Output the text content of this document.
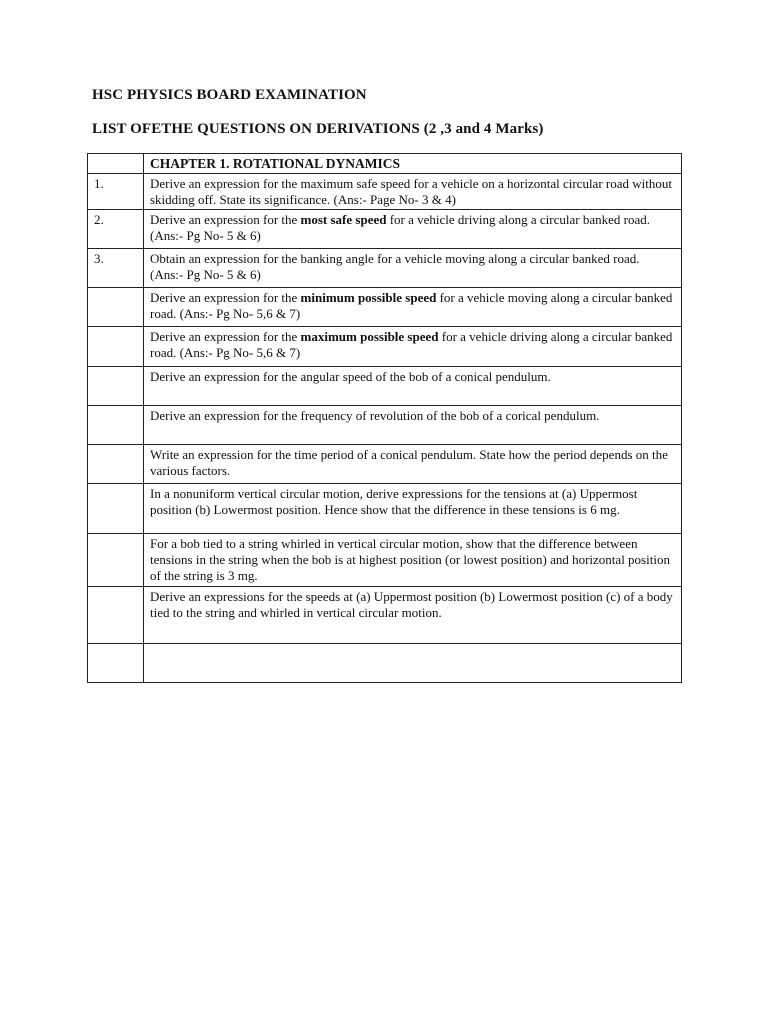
HSC PHYSICS BOARD EXAMINATION
LIST OFETHE QUESTIONS ON DERIVATIONS (2 ,3 and 4 Marks)
	CHAPTER 1. ROTATIONAL DYNAMICS
1.	Derive an expression for the maximum safe speed for a vehicle on a horizontal circular road without skidding off. State its significance. (Ans:- Page No- 3 & 4)
2.	Derive an expression for the most safe speed for a vehicle driving along a circular banked road. (Ans:- Pg No- 5 & 6)
3.	Obtain an expression for the banking angle for a vehicle moving along a circular banked road. (Ans:- Pg No- 5 & 6)
	Derive an expression for the minimum possible speed for a vehicle moving along a circular banked road. (Ans:- Pg No- 5,6 & 7)
	Derive an expression for the maximum possible speed for a vehicle driving along a circular banked road. (Ans:- Pg No- 5,6 & 7)
	Derive an expression for the angular speed of the bob of a conical pendulum.
	Derive an expression for the frequency of revolution of the bob of a corical pendulum.
	Write an expression for the time period of a conical pendulum. State how the period depends on the various factors.
	In a nonuniform vertical circular motion, derive expressions for the tensions at (a) Uppermost position (b) Lowermost position. Hence show that the difference in these tensions is 6 mg.
	For a bob tied to a string whirled in vertical circular motion, show that the difference between tensions in the string when the bob is at highest position (or lowest position) and horizontal position of the string is 3 mg.
	Derive an expressions for the speeds at (a) Uppermost position (b) Lowermost position (c) of a body tied to the string and whirled in vertical circular motion.
